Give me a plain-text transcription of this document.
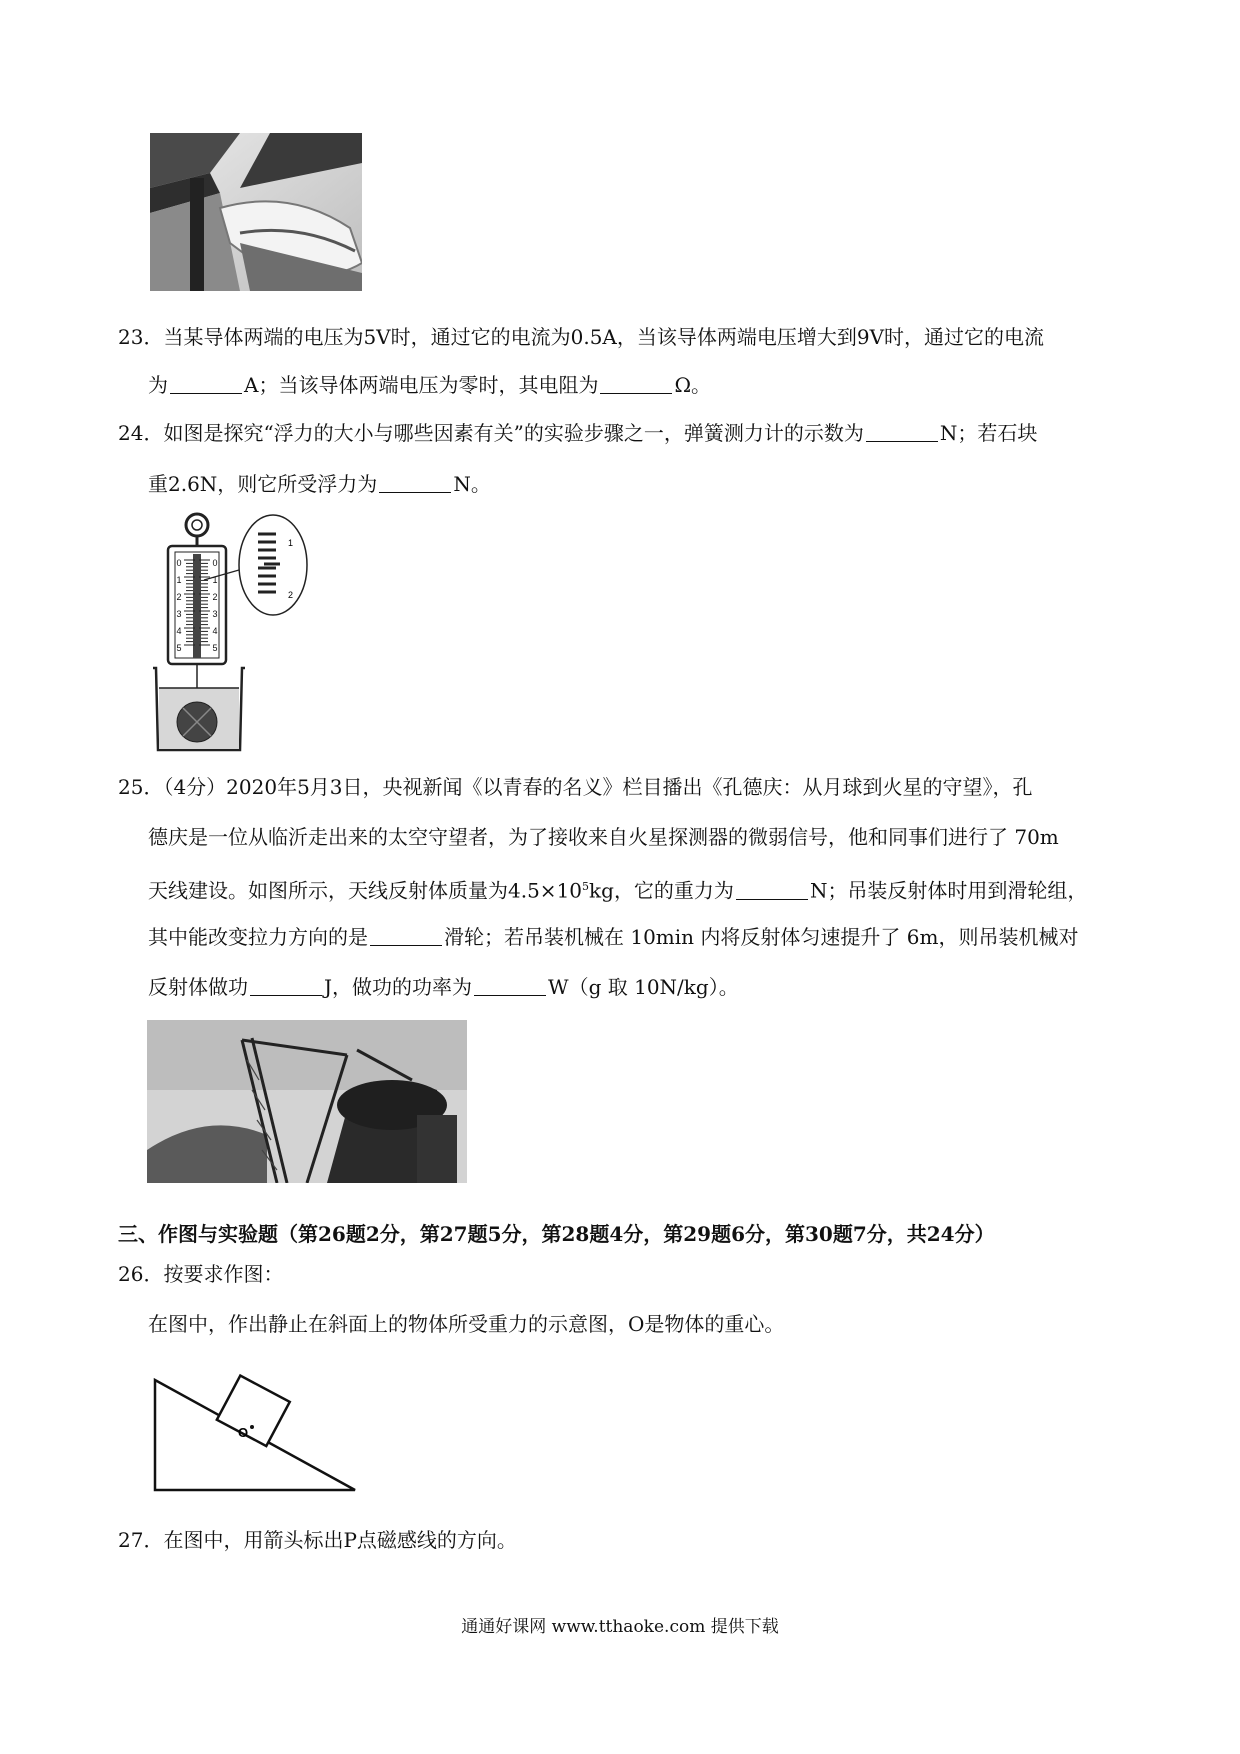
23．当某导体两端的电压为5V时，通过它的电流为0.5A，当该导体两端电压增大到9V时，通过它的电流
为	A；当该导体两端电压为零时，其电阻为	Ω。
24．如图是探究“浮力的大小与哪些因素有关”的实验步骤之一，弹簧测力计的示数为	N；若石块
重2.6N，则它所受浮力为	N。
1
2
0
1
2
3
4
5
0
1
2
3
4
5
25．（4分）2020年5月3日，央视新闻《以青春的名义》栏目播出《孔德庆：从月球到火星的守望》，孔
德庆是一位从临沂走出来的太空守望者，为了接收来自火星探测器的微弱信号，他和同事们进行了 70m
天线建设。如图所示，天线反射体质量为$4.5\times 10^5kg$，它的重力为	N；吊装反射体时用到滑轮组，
其中能改变拉力方向的是	滑轮；若吊装机械在 10min 内将反射体匀速提升了 6m，则吊装机械对
反射体做功	J，做功的功率为	W（g 取 10N/kg）。
三、作图与实验题（第26题2分，第27题5分，第28题4分，第29题6分，第30题7分，共24分）
26．按要求作图：
在图中，作出静止在斜面上的物体所受重力的示意图，O是物体的重心。
O
27．在图中，用箭头标出P点磁感线的方向。
通通好课网 www.tthaoke.com 提供下载
